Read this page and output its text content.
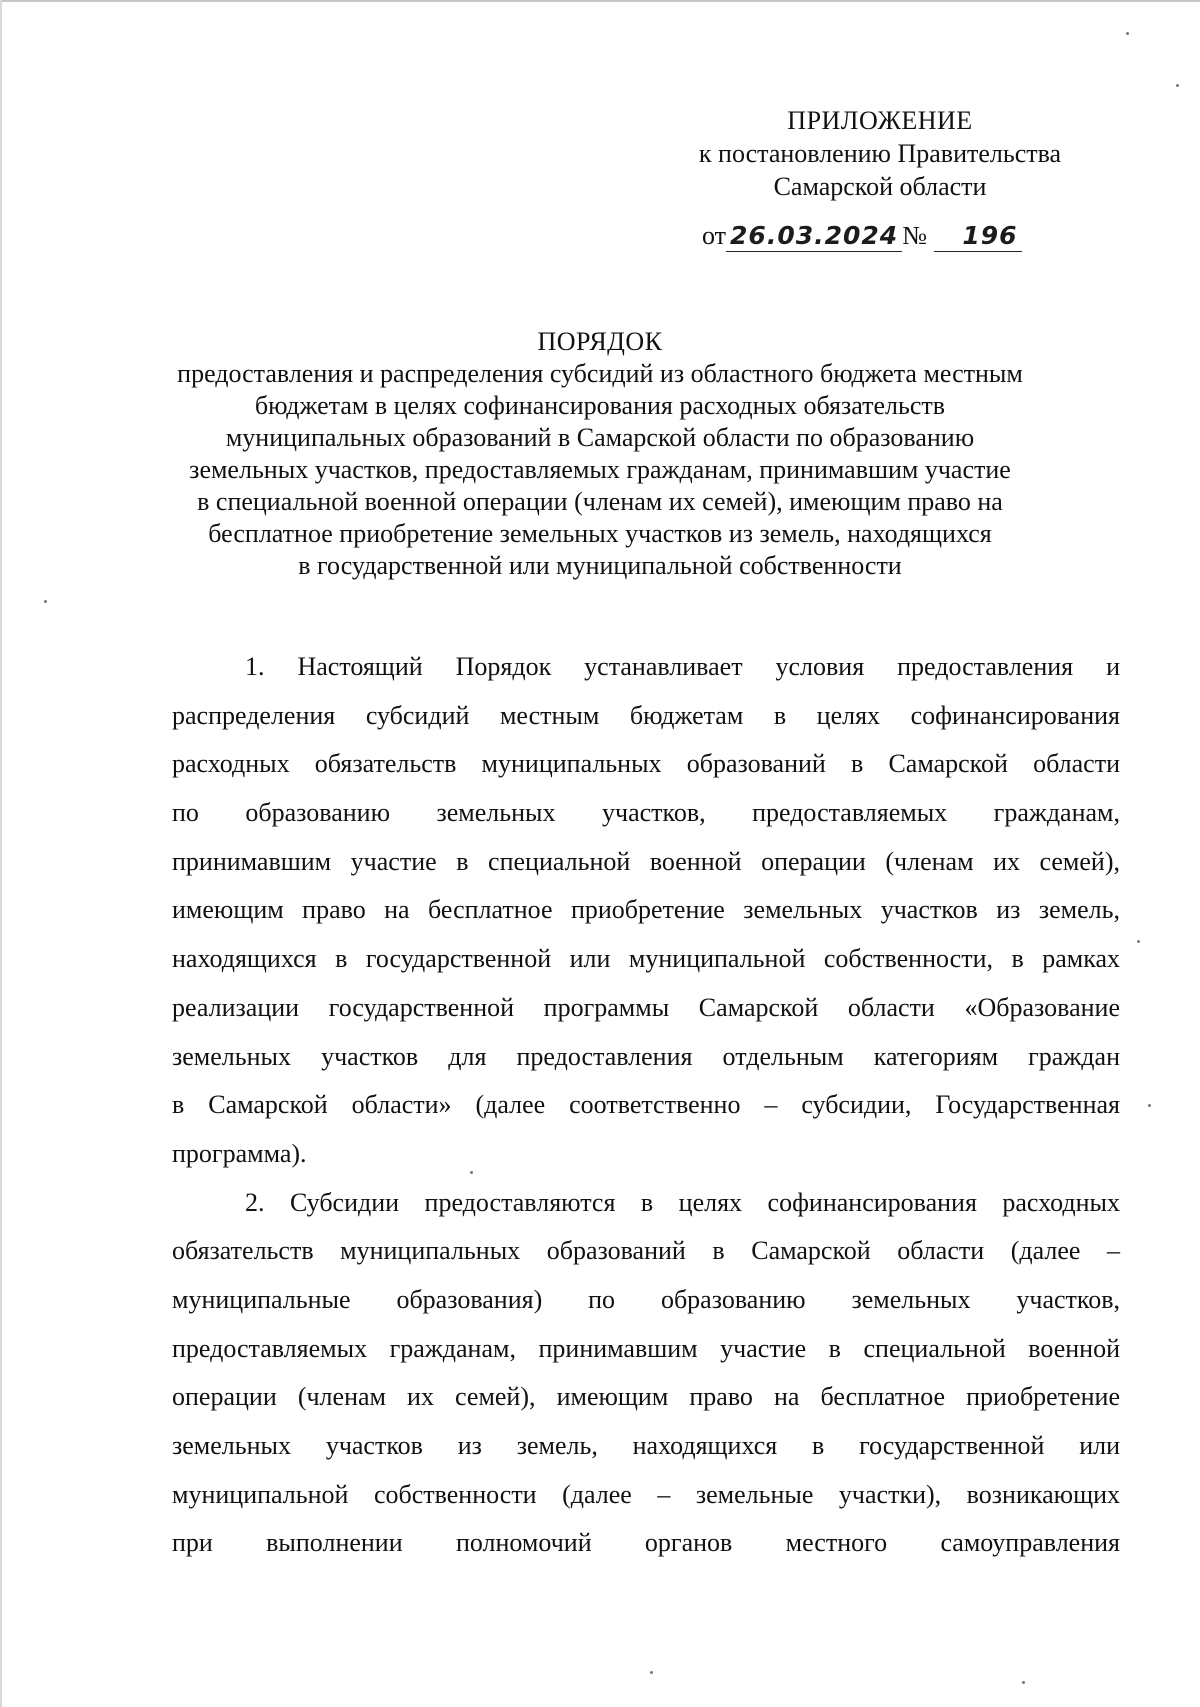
ПРИЛОЖЕНИЕ
к постановлению Правительства
Самарской области
от 26.03.2024 № 196
ПОРЯДОК
предоставления и распределения субсидий из областного бюджета местным
бюджетам в целях софинансирования расходных обязательств
муниципальных образований в Самарской области по образованию
земельных участков, предоставляемых гражданам, принимавшим участие
в специальной военной операции (членам их семей), имеющим право на
бесплатное приобретение земельных участков из земель, находящихся
в государственной или муниципальной собственности
1. Настоящий Порядок устанавливает условия предоставления и
распределения субсидий местным бюджетам в целях софинансирования
расходных обязательств муниципальных образований в Самарской области
по образованию земельных участков, предоставляемых гражданам,
принимавшим участие в специальной военной операции (членам их семей),
имеющим право на бесплатное приобретение земельных участков из земель,
находящихся в государственной или муниципальной собственности, в рамках
реализации государственной программы Самарской области «Образование
земельных участков для предоставления отдельным категориям граждан
в Самарской области» (далее соответственно – субсидии, Государственная
программа).
2. Субсидии предоставляются в целях софинансирования расходных
обязательств муниципальных образований в Самарской области (далее –
муниципальные образования) по образованию земельных участков,
предоставляемых гражданам, принимавшим участие в специальной военной
операции (членам их семей), имеющим право на бесплатное приобретение
земельных участков из земель, находящихся в государственной или
муниципальной собственности (далее – земельные участки), возникающих
при выполнении полномочий органов местного самоуправления
